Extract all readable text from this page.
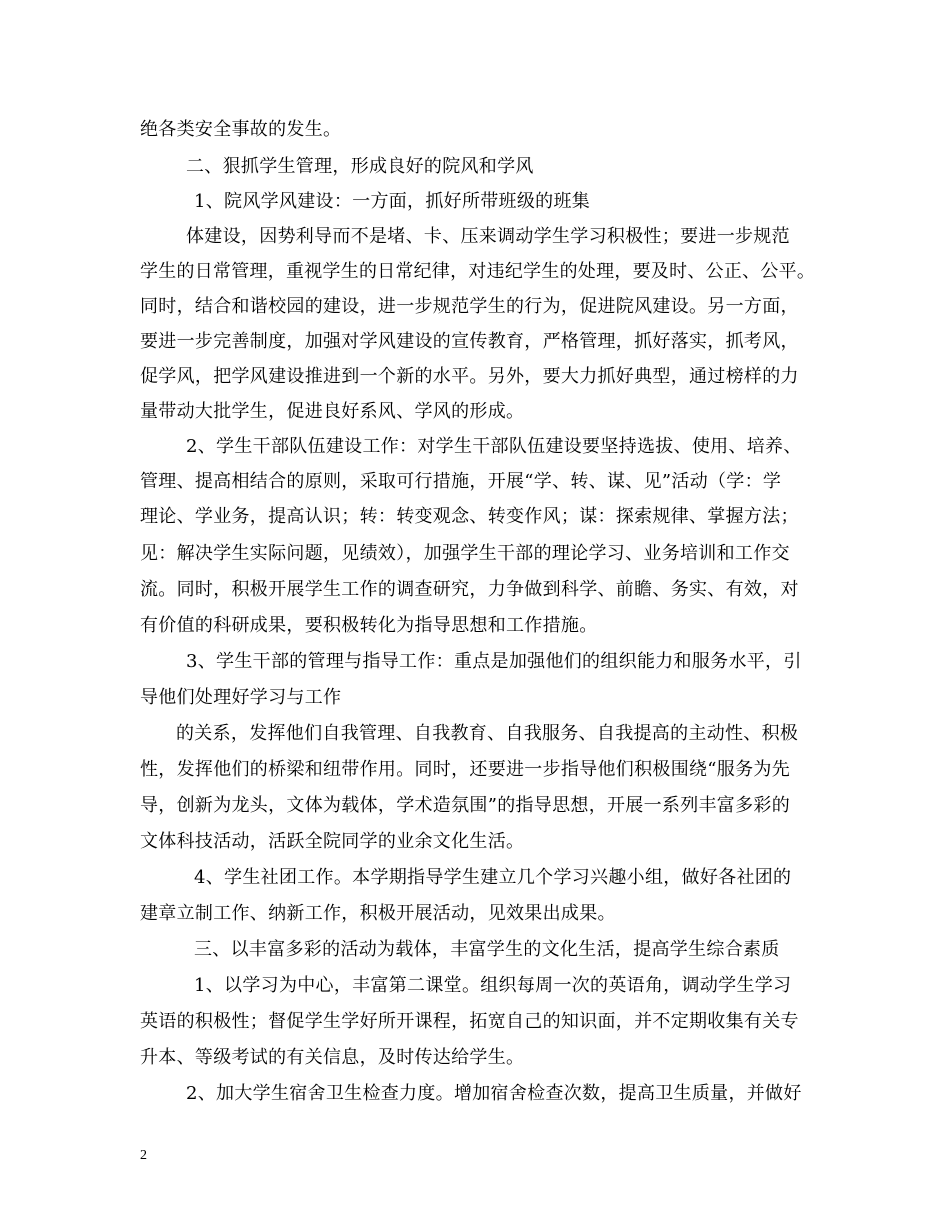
绝各类安全事故的发生。
二、狠抓学生管理，形成良好的院风和学风
1、院风学风建设：一方面，抓好所带班级的班集
体建设，因势利导而不是堵、卡、压来调动学生学习积极性；要进一步规范
学生的日常管理，重视学生的日常纪律，对违纪学生的处理，要及时、公正、公平。
同时，结合和谐校园的建设，进一步规范学生的行为，促进院风建设。另一方面，
要进一步完善制度，加强对学风建设的宣传教育，严格管理，抓好落实，抓考风，
促学风，把学风建设推进到一个新的水平。另外，要大力抓好典型，通过榜样的力
量带动大批学生，促进良好系风、学风的形成。
2、学生干部队伍建设工作：对学生干部队伍建设要坚持选拔、使用、培养、
管理、提高相结合的原则，采取可行措施，开展“学、转、谋、见”活动（学：学
理论、学业务，提高认识；转：转变观念、转变作风；谋：探索规律、掌握方法；
见：解决学生实际问题，见绩效），加强学生干部的理论学习、业务培训和工作交
流。同时，积极开展学生工作的调查研究，力争做到科学、前瞻、务实、有效，对
有价值的科研成果，要积极转化为指导思想和工作措施。
3、学生干部的管理与指导工作：重点是加强他们的组织能力和服务水平，引
导他们处理好学习与工作
的关系，发挥他们自我管理、自我教育、自我服务、自我提高的主动性、积极
性，发挥他们的桥梁和纽带作用。同时，还要进一步指导他们积极围绕“服务为先
导，创新为龙头，文体为载体，学术造氛围”的指导思想，开展一系列丰富多彩的
文体科技活动，活跃全院同学的业余文化生活。
4、学生社团工作。本学期指导学生建立几个学习兴趣小组，做好各社团的
建章立制工作、纳新工作，积极开展活动，见效果出成果。
三、以丰富多彩的活动为载体，丰富学生的文化生活，提高学生综合素质
1、以学习为中心，丰富第二课堂。组织每周一次的英语角，调动学生学习
英语的积极性；督促学生学好所开课程，拓宽自己的知识面，并不定期收集有关专
升本、等级考试的有关信息，及时传达给学生。
2、加大学生宿舍卫生检查力度。增加宿舍检查次数，提高卫生质量，并做好
2
